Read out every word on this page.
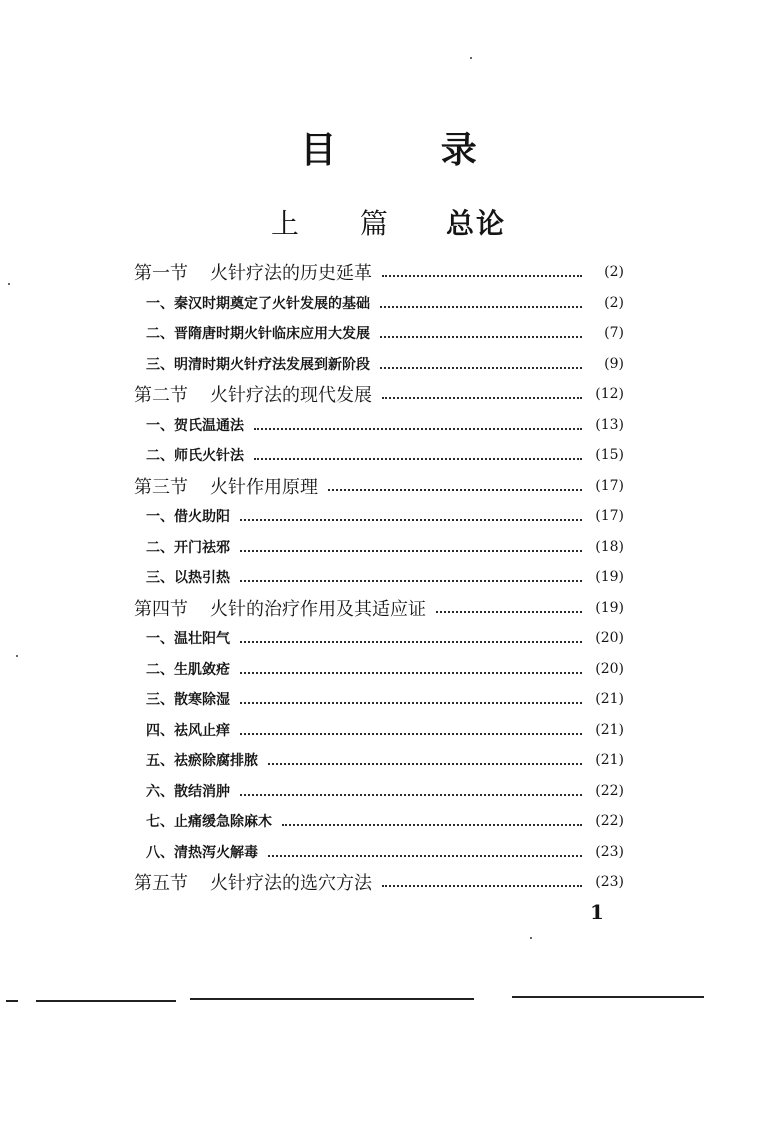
目 录
上 篇 总论
第一节 火针疗法的历史延革	(2)
一、秦汉时期奠定了火针发展的基础	(2)
二、晋隋唐时期火针临床应用大发展	(7)
三、明清时期火针疗法发展到新阶段	(9)
第二节 火针疗法的现代发展	(12)
一、贺氏温通法	(13)
二、师氏火针法	(15)
第三节 火针作用原理	(17)
一、借火助阳	(17)
二、开门祛邪	(18)
三、以热引热	(19)
第四节 火针的治疗作用及其适应证	(19)
一、温壮阳气	(20)
二、生肌敛疮	(20)
三、散寒除湿	(21)
四、祛风止痒	(21)
五、祛瘀除腐排脓	(21)
六、散结消肿	(22)
七、止痛缓急除麻木	(22)
八、清热泻火解毒	(23)
第五节 火针疗法的选穴方法	(23)
1
